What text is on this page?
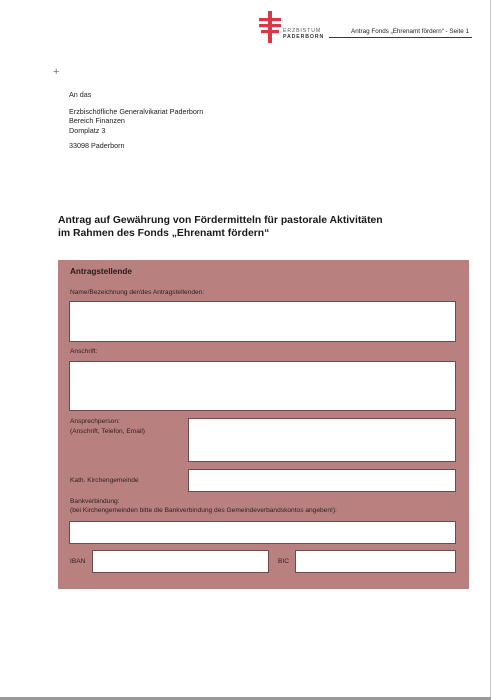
ERZBISTUM
PADERBORN
Antrag Fonds „Ehrenamt fördern“ - Seite 1
+
An das
Erzbischöfliche Generalvikariat Paderborn
Bereich Finanzen
Domplatz 3
33098 Paderborn
Antrag auf Gewährung von Fördermitteln für pastorale Aktivitäten
im Rahmen des Fonds „Ehrenamt fördern“
Antragstellende
Name/Bezeichnung der/des Antragstellenden:
Anschrift:
Ansprechperson:
(Anschrift, Telefon, Email)
Kath. Kirchengemeinde
Bankverbindung:
(bei Kirchengemeinden bitte die Bankverbindung des Gemeindeverbandskontos angeben!):
IBAN	BIC
